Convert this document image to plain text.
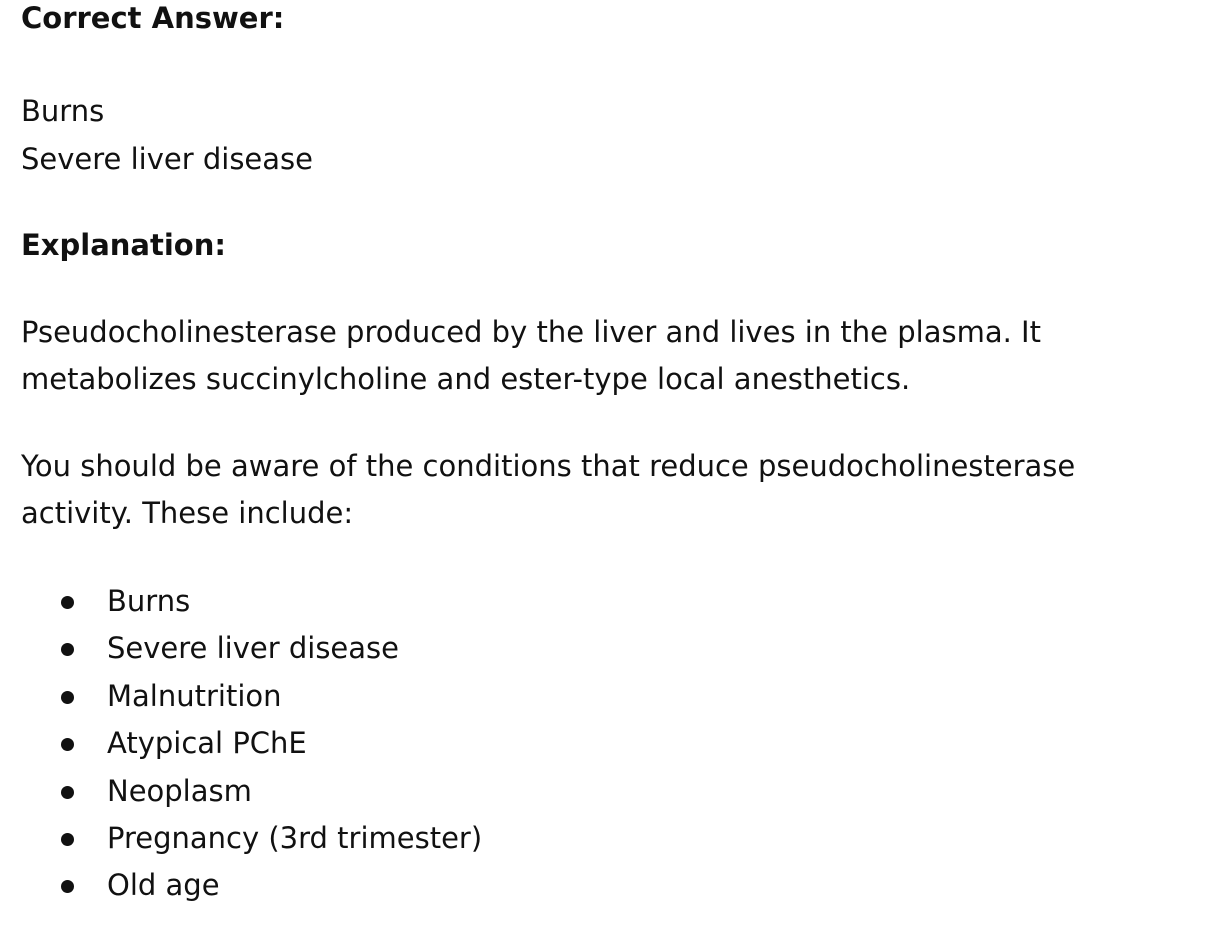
Correct Answer:
Burns
Severe liver disease
Explanation:
Pseudocholinesterase produced by the liver and lives in the plasma. It
metabolizes succinylcholine and ester-type local anesthetics.
You should be aware of the conditions that reduce pseudocholinesterase
activity. These include:
Burns
Severe liver disease
Malnutrition
Atypical PChE
Neoplasm
Pregnancy (3rd trimester)
Old age
